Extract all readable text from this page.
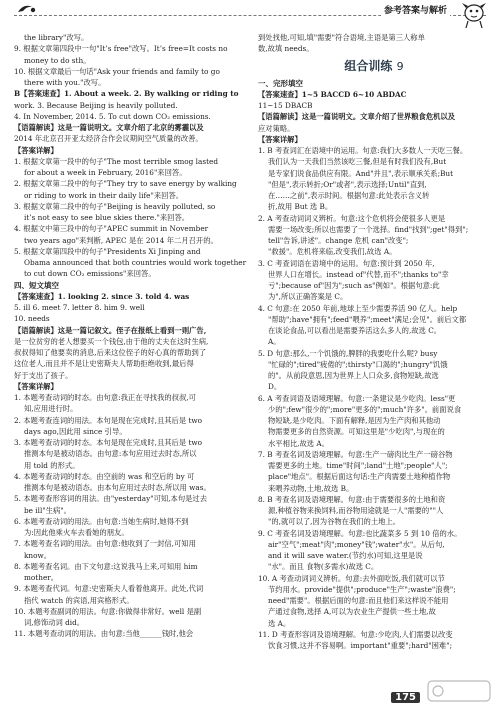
参考答案与解析
the library"改写。
9. 根据文章第四段中一句"It’s free"改写。It’s free=It costs no
money to do sth。
10. 根据文章最后一句话"Ask your friends and family to go
there with you."改写。
B【答案速查】1. About a week. 2. By walking or riding to
work. 3. Because Beijing is heavily polluted.
4. In November, 2014. 5. To cut down CO₂ emissions.
【语篇解读】这是一篇说明文。文章介绍了北京的雾霾以及
2014 年北京召开亚太经济合作会议期间空气质量的改善。
【答案详解】
1. 根据文章第一段中的句子"The most terrible smog lasted
for about a week in February, 2016"来回答。
2. 根据文章第二段中的句子"They try to save energy by walking
or riding to work in their daily life"来回答。
3. 根据文章第二段中的句子"Beijing is heavily polluted, so
it’s not easy to see blue skies there."来回答。
4. 根据文中第三段中的句子"APEC summit in November
two years ago"来判断, APEC 是在 2014 年二月召开的。
5. 根据文章第四段中的句子"Presidents Xi Jinping and
Obama announced that both countries would work together
to cut down CO₂ emissions"来回答。
四、短文填空
【答案速查】1. looking 2. since 3. told 4. was
5. ill 6. meet 7. letter 8. him 9. well
10. needs
【语篇解读】这是一篇记叙文。侄子在报纸上看到一则广告,
是一位贫穷的老人想要买一个钱包,由于他的丈夫在这时生病,
叔叔得知了他要卖的消息,后来这位侄子的好心真的帮助到了
这位老人,而且并不是让史密斯夫人帮助拒绝收到,最后得
好于支出了孩子。
【答案详解】
1. 本题考查动词的时态。由句意:我正在寻找我的叔叔,可
知,应用进行时。
2. 本题考查连词的用法。本句是现在完成时,且其后是 two
days ago,因此用 since 引导。
3. 本题考查动词的时态。本句是现在完成时,且其后是 two
推测本句是被动语态。由句意:本句应用过去时态,所以
用 told 的形式。
4. 本题考查动词的时态。由空前的 was 和空后的 by 可
推测本句是被动语态。由本句应用过去时态,所以用 was。
5. 本题考查形容词的用法。由"yesterday"可知,本句是过去
be ill"生病"。
6. 本题考查动词的用法。由句意:当她生病时,她得不到
为:因此他乘火车去看她的朋友。
7. 本题考查名词的用法。由句意:他收到了一封信,可知用
know。
8. 本题考查名词。由下文句意:这说我马上来,可知用 him
mother。
9. 本题考查代词。句意:史密斯夫人看着他离开。此处,代词
指代 watch 的宾语,用宾格形式。
10. 本题考查副词的用法。句意:你做得非常好。well 是副
词,修饰动词 did。
11. 本题考查动词的用法。由句意:当他______钱时,他会
到处找他,可知,填"需要"符合语境,主语是第三人称单
数,故填 needs。
组合训练 9
一、完形填空
【答案速查】1~5 BACCD 6~10 ABDAC
11~15 DBACB
【语篇解读】这是一篇说明文。文章介绍了世界粮食危机以及
应对策略。
【答案详解】
1. B 考查词汇在语境中的运用。句意:我们大多数人一天吃三餐。
我们认为一天我们当然该吃三餐,但是有时我们没有,But
是专家们说食品供应有限。And"并且",表示顺承关系;But
"但是",表示转折;Or"或者",表示选择;Until"直到,
在……之前",表示时间。根据句意:此处表示含义转
折,故用 But 选 B。
2. A 考查动词词义辨析。句意:这个危机将会使很多人更是
需要一场改变;所以也需要了一个选择。find"找到";get"得到";
tell"告诉,讲述"。change 危机 can"改变";
"救援"。危机将来临,改变我们,故选 A。
3. C 考查词语在语境中的运用。句意:预计到 2050 年,
世界人口在增长。instead of"代替,而不";thanks to"幸
亏";because of"因为";such as"例如"。根据句意:此
为",所以正确答案是 C。
4. C 句意:在 2050 年前,地球上至少需要养活 90 亿人。help
"帮助";have"拥有";feed"喂养";meet"满足;会见"。前后文都
在谈论食品,可以看出是需要养活这么多人的,故选 C。
A。
5. D 句意:那么,一个饥饿的,脾胖的我要吃什么呢? busy
"忙碌的";tired"疲倦的";thirsty"口渴的";hungry"饥饿
的"。从前段意思,因为世界上人口众多,食物短缺,故选
D。
6. A 考查词语及语境理解。句意:一条建议是少吃肉。less"更
少的";few"很少的";more"更多的";much"许多"。前面说食
物短缺,是少吃肉。下面有解释,是因为生产肉和其他动
物需要更多的自然资源。可知这里是"少吃肉",与现在的
水平相比,故选 A。
7. B 考查名词及语境理解。句意:生产一磅肉比生产一磅谷物
需要更多的土地。time"时间";land"土地";people"人";
place"地点"。根据后面这句话:生产肉需要土地种植作物
来喂养动物,土地,故选 B。
8. B 考查名词及语境理解。句意:由于需要很多的土地和资
源,种植谷物来换饲料,而谷物用途就是一人"需要的""人
"的,就可以了,因为谷物在我们的土地上。
9. C 考查名词及语境理解。句意:也比蔬菜多 5 到 10 倍的水。
air"空气";meat"肉";money"钱";water"水"。从后句,
and it will save water.(节约水)可知,这里是说
"水"。而且 食物(多需水)故选 C。
10. A 考查动词词义辨析。句意:去外面吃饭,我们就可以节
节约用水。provide"提供";produce"生产";waste"浪费";
need"需要"。根据后面的句意:而且他们来这样说不能用
产通过食物,选择 A,可以为农业生产提供一些土地,故
选 A。
11. D 考查形容词及语境理解。句意:少吃肉,人们需要以改变
饮食习惯,这并不容易啊。important"重要";hard"困难";
175
